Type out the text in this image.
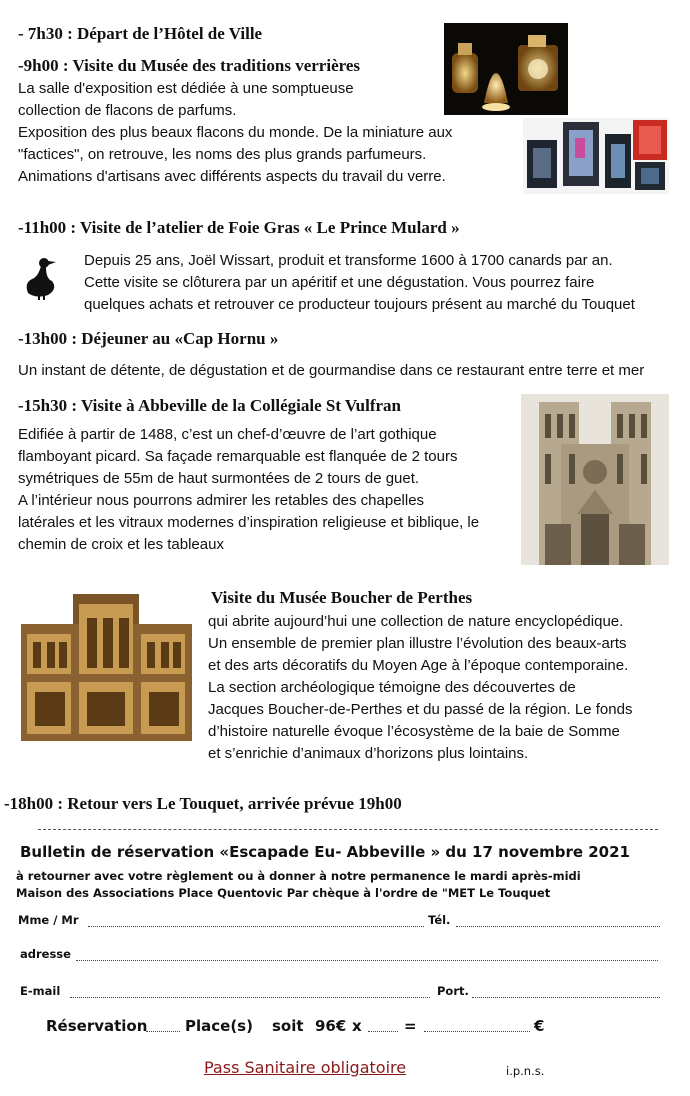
- 7h30 : Départ de l’Hôtel de Ville
-9h00 : Visite du Musée des traditions verrières

La salle d'exposition est dédiée à une somptueuse

collection de flacons de parfums.

Exposition des plus beaux flacons du monde. De la miniature aux

"factices", on retrouve, les noms des plus grands parfumeurs.

Animations d'artisans avec différents aspects du travail du verre.

-11h00 : Visite de l’atelier de Foie Gras « Le Prince Mulard »

Depuis 25 ans, Joël Wissart, produit et transforme 1600 à 1700 canards par an.

Cette visite se clôturera par un apéritif et une dégustation. Vous pourrez faire

quelques achats et retrouver ce producteur toujours présent au marché du Touquet

-13h00 : Déjeuner au «Cap Hornu »

Un instant de détente, de dégustation et de gourmandise dans ce restaurant entre terre et mer

-15h30 : Visite à Abbeville de la Collégiale St Vulfran

Edifiée à partir de 1488, c’est un chef-d’œuvre de l’art gothique

flamboyant picard. Sa façade remarquable est flanquée de 2 tours

symétriques de 55m de haut surmontées de 2 tours de guet.

A l’intérieur nous pourrons admirer les retables des chapelles

latérales et les vitraux modernes d’inspiration religieuse et biblique, le

chemin de croix et les tableaux

Visite du Musée Boucher de Perthes

qui abrite aujourd’hui une collection de nature encyclopédique.

Un ensemble de premier plan illustre l’évolution des beaux-arts

et des arts décoratifs du Moyen Age à l’époque contemporaine.

La section archéologique témoigne des découvertes de

Jacques Boucher-de-Perthes et du passé de la région. Le fonds

d’histoire naturelle évoque l’écosystème de la baie de Somme

et s’enrichie d’animaux d’horizons plus lointains.

-18h00 : Retour vers Le Touquet, arrivée prévue 19h00
Bulletin de réservation «Escapade Eu- Abbeville » du 17 novembre 2021
à retourner avec votre règlement ou à donner à notre permanence le mardi après-midi
Maison des Associations Place Quentovic Par chèque à l'ordre de "MET Le Touquet
Mme / Mr	Tél.
adresse
E-mail	Port.
Réservation	Place(s) soit 96€ x	=	€
Pass Sanitaire obligatoire	i.p.n.s.
